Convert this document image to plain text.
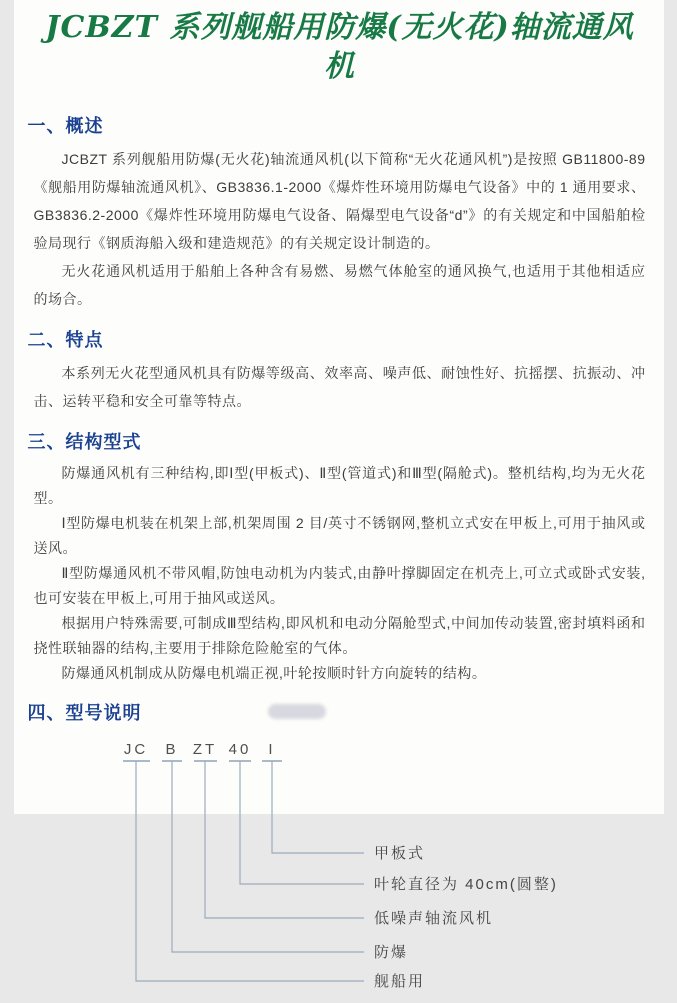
JCBZT 系列舰船用防爆(无火花)轴流通风机
一、概述

JCBZT 系列舰船用防爆(无火花)轴流通风机(以下简称“无火花通风机”)是按照 GB11800-89《舰船用防爆轴流通风机》、GB3836.1-2000《爆炸性环境用防爆电气设备》中的 1 通用要求、GB3836.2-2000《爆炸性环境用防爆电气设备、隔爆型电气设备“d”》的有关规定和中国船舶检验局现行《钢质海船入级和建造规范》的有关规定设计制造的。

无火花通风机适用于船舶上各种含有易燃、易燃气体舱室的通风换气,也适用于其他相适应的场合。

二、特点

本系列无火花型通风机具有防爆等级高、效率高、噪声低、耐蚀性好、抗摇摆、抗振动、冲击、运转平稳和安全可靠等特点。

三、结构型式

防爆通风机有三种结构,即Ⅰ型(甲板式)、Ⅱ型(管道式)和Ⅲ型(隔舱式)。整机结构,均为无火花型。

Ⅰ型防爆电机装在机架上部,机架周围 2 目/英寸不锈钢网,整机立式安在甲板上,可用于抽风或送风。

Ⅱ型防爆通风机不带风帽,防蚀电动机为内装式,由静叶撑脚固定在机壳上,可立式或卧式安装,也可安装在甲板上,可用于抽风或送风。

根据用户特殊需要,可制成Ⅲ型结构,即风机和电动分隔舱型式,中间加传动装置,密封填料函和挠性联轴器的结构,主要用于排除危险舱室的气体。

防爆通风机制成从防爆电机端正视,叶轮按顺时针方向旋转的结构。

四、型号说明
JC B ZT 40 I
甲板式
叶轮直径为 40cm(圆整)
低噪声轴流风机
防爆
舰船用
